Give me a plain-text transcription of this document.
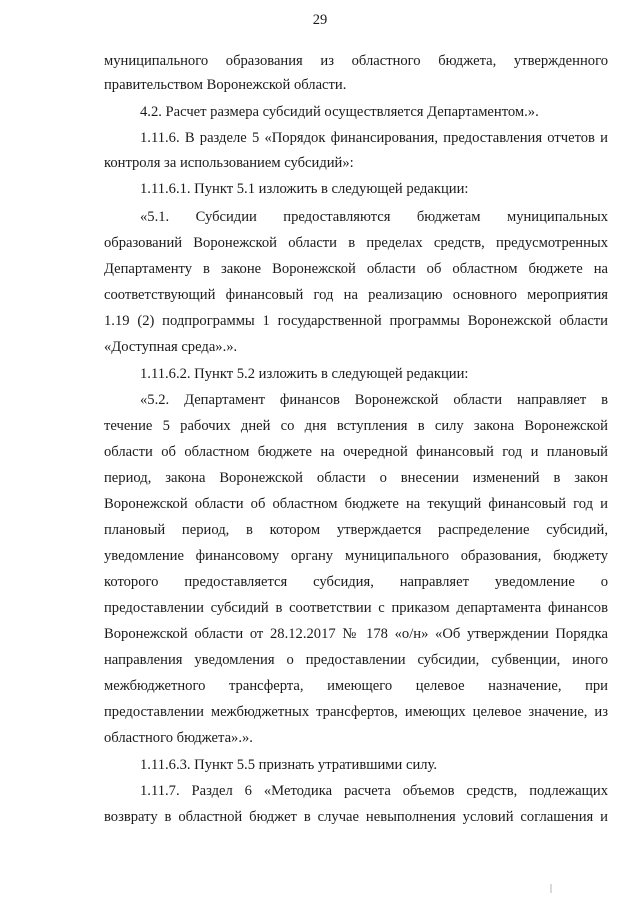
29
муниципального образования из областного бюджета, утвержденного
правительством Воронежской области.
4.2. Расчет размера субсидий осуществляется Департаментом.».
1.11.6. В разделе 5 «Порядок финансирования, предоставления отчетов и
контроля за использованием субсидий»:
1.11.6.1. Пункт 5.1 изложить в следующей редакции:
«5.1. Субсидии предоставляются бюджетам муниципальных
образований Воронежской области в пределах средств, предусмотренных
Департаменту в законе Воронежской области об областном бюджете на
соответствующий финансовый год на реализацию основного мероприятия
1.19 (2) подпрограммы 1 государственной программы Воронежской области
«Доступная среда».».
1.11.6.2. Пункт 5.2 изложить в следующей редакции:
«5.2. Департамент финансов Воронежской области направляет в
течение 5 рабочих дней со дня вступления в силу закона Воронежской
области об областном бюджете на очередной финансовый год и плановый
период, закона Воронежской области о внесении изменений в закон
Воронежской области об областном бюджете на текущий финансовый год и
плановый период, в котором утверждается распределение субсидий,
уведомление финансовому органу муниципального образования, бюджету
которого предоставляется субсидия, направляет уведомление о
предоставлении субсидий в соответствии с приказом департамента финансов
Воронежской области от 28.12.2017 № 178 «о/н» «Об утверждении Порядка
направления уведомления о предоставлении субсидии, субвенции, иного
межбюджетного трансферта, имеющего целевое назначение, при
предоставлении межбюджетных трансфертов, имеющих целевое значение, из
областного бюджета».».
1.11.6.3. Пункт 5.5 признать утратившими силу.
1.11.7. Раздел 6 «Методика расчета объемов средств, подлежащих
возврату в областной бюджет в случае невыполнения условий соглашения и
